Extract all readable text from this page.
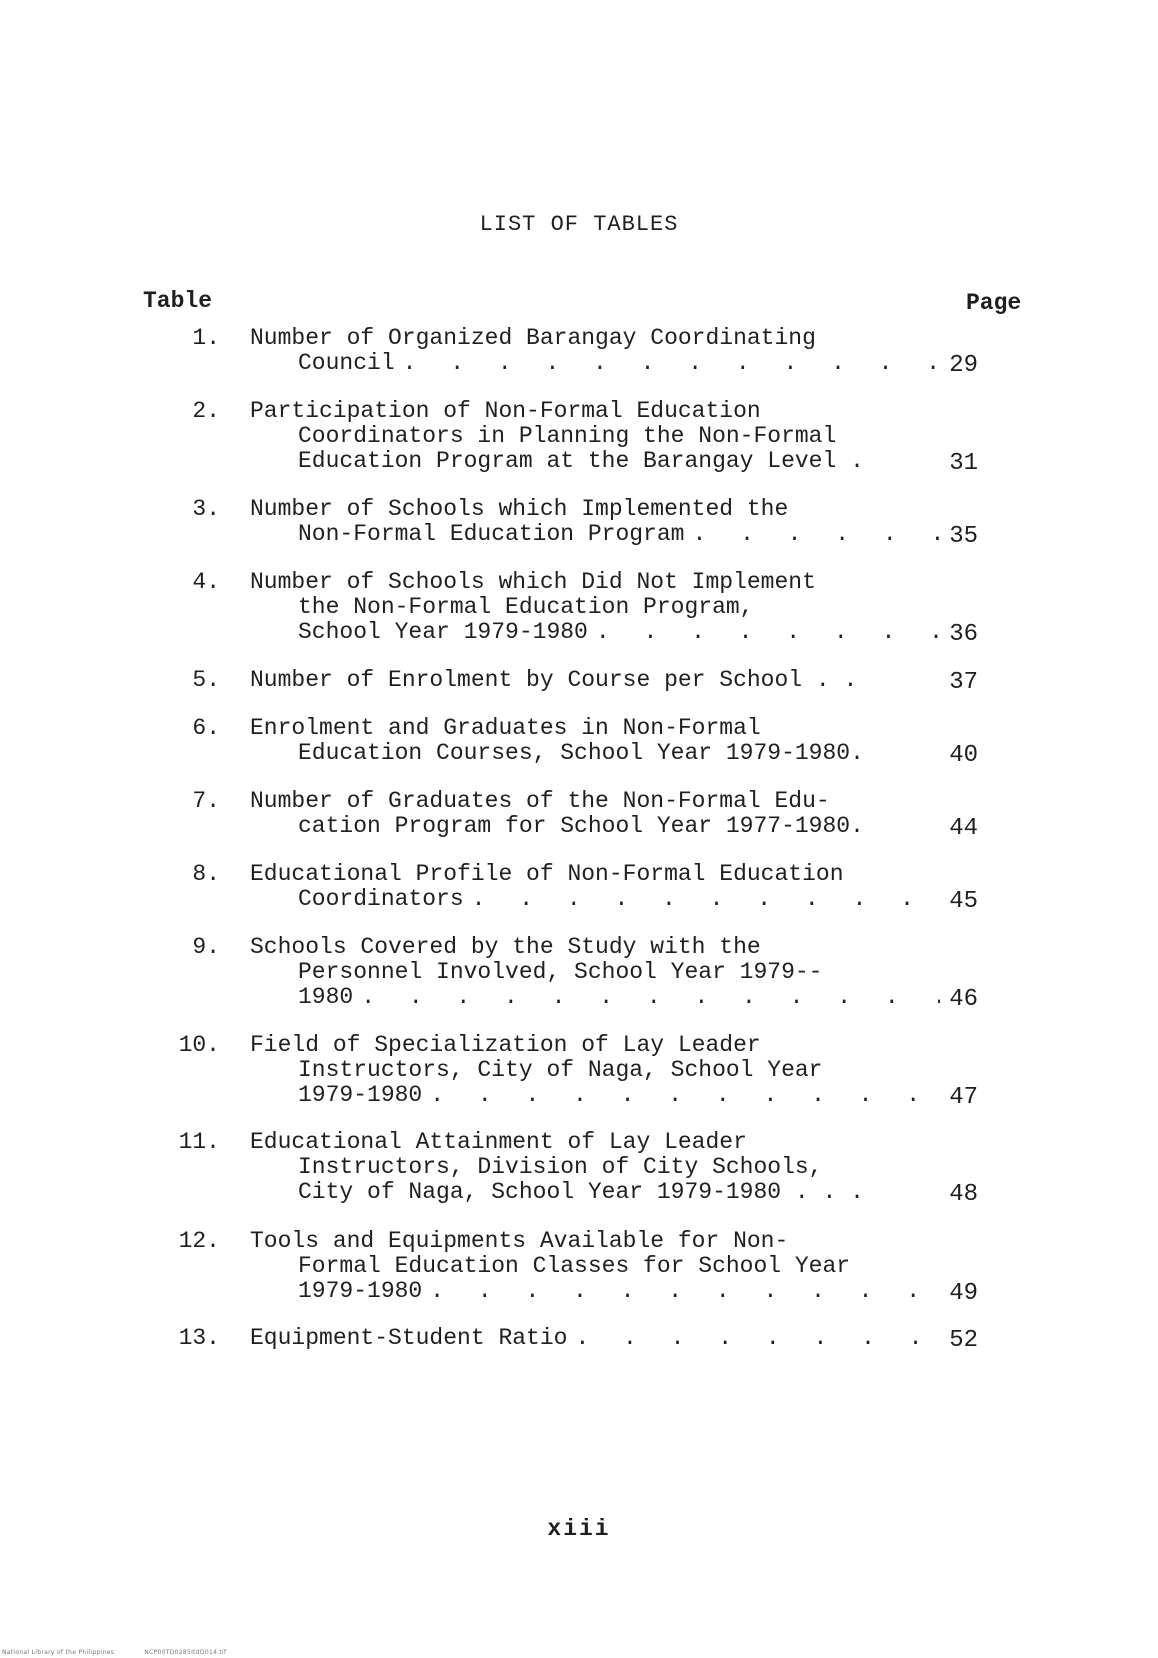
LIST OF TABLES
Table	Page
1. Number of Organized Barangay Coordinating
Council . . .	29
2. Participation of Non-Formal Education
Coordinators in Planning the Non-Formal
Education Program at the Barangay Level .	31
3. Number of Schools which Implemented the
Non-Formal Education Program . . .	35
4. Number of Schools which Did Not Implement
the Non-Formal Education Program,
School Year 1979-1980 . . .	36
5. Number of Enrolment by Course per School . .	37
6. Enrolment and Graduates in Non-Formal
Education Courses, School Year 1979-1980.	40
7. Number of Graduates of the Non-Formal Edu-
cation Program for School Year 1977-1980.	44
8. Educational Profile of Non-Formal Education
Coordinators . . .	45
9. Schools Covered by the Study with the
Personnel Involved, School Year 1979--
1980 . . .	46
10. Field of Specialization of Lay Leader
Instructors, City of Naga, School Year
1979-1980 . . .	47
11. Educational Attainment of Lay Leader
Instructors, Division of City Schools,
City of Naga, School Year 1979-1980 . . .	48
12. Tools and Equipments Available for Non-
Formal Education Classes for School Year
1979-1980 . . .	49
13. Equipment-Student Ratio . . .	52
xiii
National Library of the Philippines	NCP00TD0285ItdD014.tif
